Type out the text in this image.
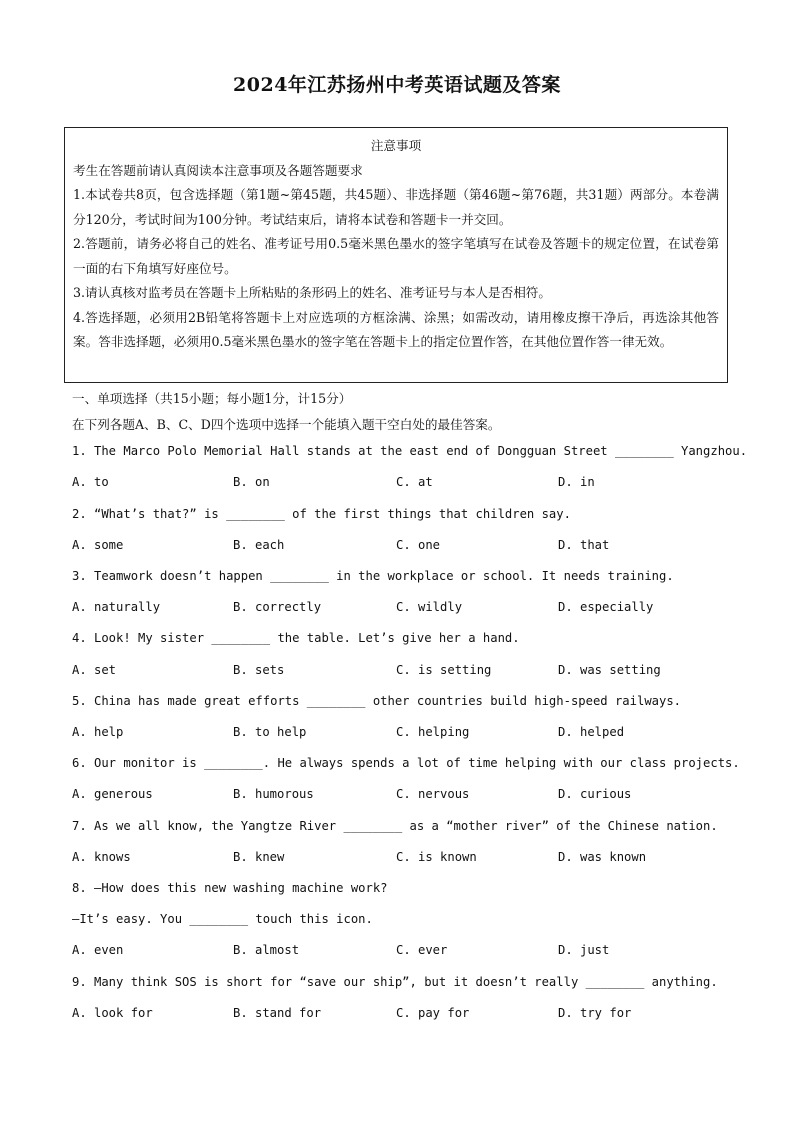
2024年江苏扬州中考英语试题及答案

注意事项

考生在答题前请认真阅读本注意事项及各题答题要求

1.本试卷共8页，包含选择题（第1题~第45题，共45题）、非选择题（第46题~第76题，共31题）两部分。本卷满分120分，考试时间为100分钟。考试结束后，请将本试卷和答题卡一并交回。

2.答题前，请务必将自己的姓名、准考证号用0.5毫米黑色墨水的签字笔填写在试卷及答题卡的规定位置，在试卷第一面的右下角填写好座位号。

3.请认真核对监考员在答题卡上所粘贴的条形码上的姓名、准考证号与本人是否相符。

4.答选择题，必须用2B铅笔将答题卡上对应选项的方框涂满、涂黑；如需改动，请用橡皮擦干净后，再选涂其他答案。答非选择题，必须用0.5毫米黑色墨水的签字笔在答题卡上的指定位置作答，在其他位置作答一律无效。

一、单项选择（共15小题；每小题1分，计15分）
在下列各题A、B、C、D四个选项中选择一个能填入题干空白处的最佳答案。
1. The Marco Polo Memorial Hall stands at the east end of Dongguan Street ________ Yangzhou.
A. to	B. on	C. at	D. in
2. “What’s that?” is ________ of the first things that children say.
A. some	B. each	C. one	D. that
3. Teamwork doesn’t happen ________ in the workplace or school. It needs training.
A. naturally	B. correctly	C. wildly	D. especially
4. Look! My sister ________ the table. Let’s give her a hand.
A. set	B. sets	C. is setting	D. was setting
5. China has made great efforts ________ other countries build high-speed railways.
A. help	B. to help	C. helping	D. helped
6. Our monitor is ________. He always spends a lot of time helping with our class projects.
A. generous	B. humorous	C. nervous	D. curious
7. As we all know, the Yangtze River ________ as a “mother river” of the Chinese nation.
A. knows	B. knew	C. is known	D. was known
8. —How does this new washing machine work?
—It’s easy. You ________ touch this icon.
A. even	B. almost	C. ever	D. just
9. Many think SOS is short for “save our ship”, but it doesn’t really ________ anything.
A. look for	B. stand for	C. pay for	D. try for
